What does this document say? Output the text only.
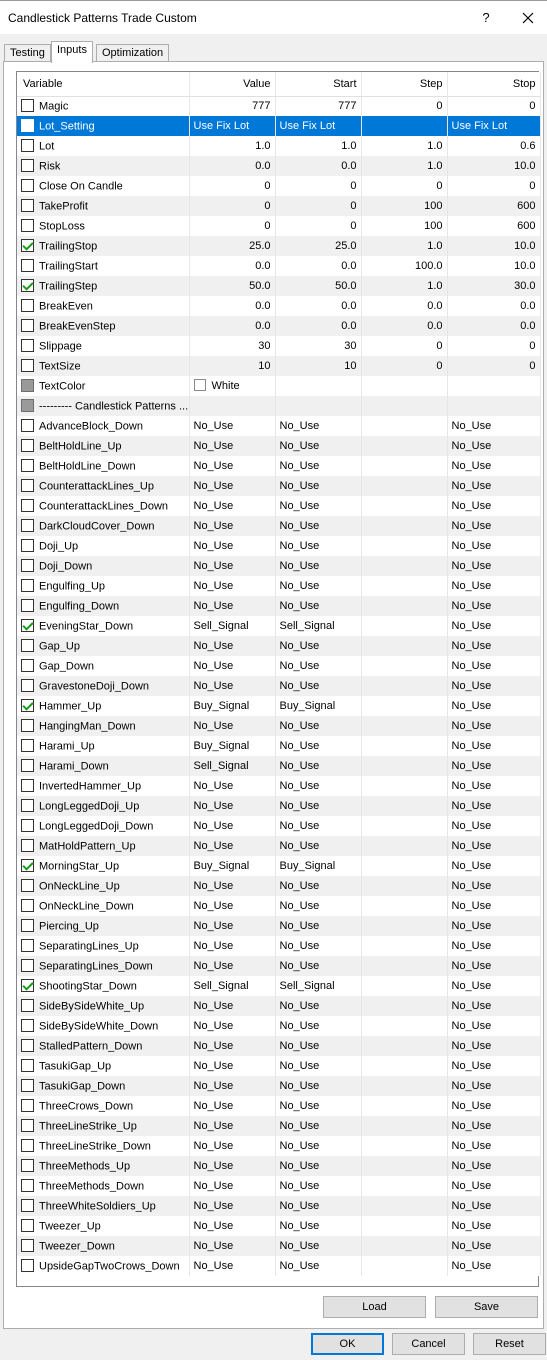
Candlestick Patterns Trade Custom	?
Testing	Inputs	Optimization
Variable	Value	Start	Step	Stop
Magic	777	777	0	0
Lot_Setting	Use Fix Lot	Use Fix Lot		Use Fix Lot
Lot	1.0	1.0	1.0	0.6
Risk	0.0	0.0	1.0	10.0
Close On Candle	0	0	0	0
TakeProfit	0	0	100	600
StopLoss	0	0	100	600
TrailingStop	25.0	25.0	1.0	10.0
TrailingStart	0.0	0.0	100.0	10.0
TrailingStep	50.0	50.0	1.0	30.0
BreakEven	0.0	0.0	0.0	0.0
BreakEvenStep	0.0	0.0	0.0	0.0
Slippage	30	30	0	0
TextSize	10	10	0	0
TextColor	White			
--------- Candlestick Patterns ...				
AdvanceBlock_Down	No_Use	No_Use		No_Use
BeltHoldLine_Up	No_Use	No_Use		No_Use
BeltHoldLine_Down	No_Use	No_Use		No_Use
CounterattackLines_Up	No_Use	No_Use		No_Use
CounterattackLines_Down	No_Use	No_Use		No_Use
DarkCloudCover_Down	No_Use	No_Use		No_Use
Doji_Up	No_Use	No_Use		No_Use
Doji_Down	No_Use	No_Use		No_Use
Engulfing_Up	No_Use	No_Use		No_Use
Engulfing_Down	No_Use	No_Use		No_Use
EveningStar_Down	Sell_Signal	Sell_Signal		No_Use
Gap_Up	No_Use	No_Use		No_Use
Gap_Down	No_Use	No_Use		No_Use
GravestoneDoji_Down	No_Use	No_Use		No_Use
Hammer_Up	Buy_Signal	Buy_Signal		No_Use
HangingMan_Down	No_Use	No_Use		No_Use
Harami_Up	Buy_Signal	No_Use		No_Use
Harami_Down	Sell_Signal	No_Use		No_Use
InvertedHammer_Up	No_Use	No_Use		No_Use
LongLeggedDoji_Up	No_Use	No_Use		No_Use
LongLeggedDoji_Down	No_Use	No_Use		No_Use
MatHoldPattern_Up	No_Use	No_Use		No_Use
MorningStar_Up	Buy_Signal	Buy_Signal		No_Use
OnNeckLine_Up	No_Use	No_Use		No_Use
OnNeckLine_Down	No_Use	No_Use		No_Use
Piercing_Up	No_Use	No_Use		No_Use
SeparatingLines_Up	No_Use	No_Use		No_Use
SeparatingLines_Down	No_Use	No_Use		No_Use
ShootingStar_Down	Sell_Signal	Sell_Signal		No_Use
SideBySideWhite_Up	No_Use	No_Use		No_Use
SideBySideWhite_Down	No_Use	No_Use		No_Use
StalledPattern_Down	No_Use	No_Use		No_Use
TasukiGap_Up	No_Use	No_Use		No_Use
TasukiGap_Down	No_Use	No_Use		No_Use
ThreeCrows_Down	No_Use	No_Use		No_Use
ThreeLineStrike_Up	No_Use	No_Use		No_Use
ThreeLineStrike_Down	No_Use	No_Use		No_Use
ThreeMethods_Up	No_Use	No_Use		No_Use
ThreeMethods_Down	No_Use	No_Use		No_Use
ThreeWhiteSoldiers_Up	No_Use	No_Use		No_Use
Tweezer_Up	No_Use	No_Use		No_Use
Tweezer_Down	No_Use	No_Use		No_Use
UpsideGapTwoCrows_Down	No_Use	No_Use		No_Use
Load	Save
OK	Cancel	Reset
